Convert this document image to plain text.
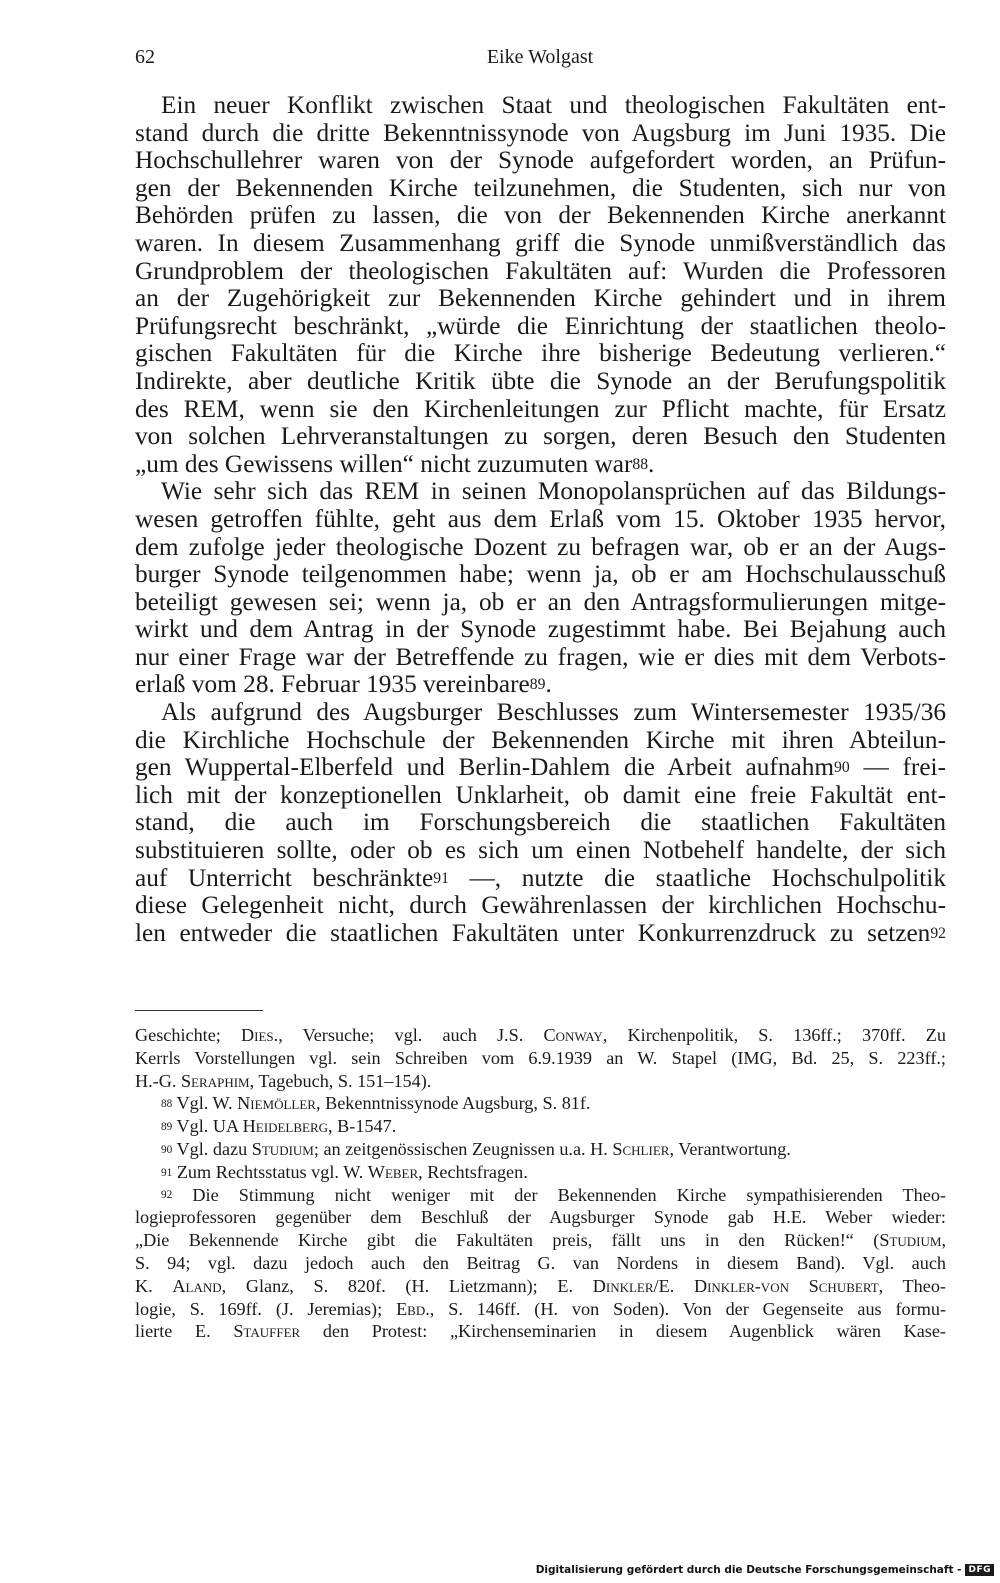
62	Eike Wolgast

Ein neuer Konflikt zwischen Staat und theologischen Fakultäten ent-
stand durch die dritte Bekenntnissynode von Augsburg im Juni 1935. Die
Hochschullehrer waren von der Synode aufgefordert worden, an Prüfun-
gen der Bekennenden Kirche teilzunehmen, die Studenten, sich nur von
Behörden prüfen zu lassen, die von der Bekennenden Kirche anerkannt
waren. In diesem Zusammenhang griff die Synode unmißverständlich das
Grundproblem der theologischen Fakultäten auf: Wurden die Professoren
an der Zugehörigkeit zur Bekennenden Kirche gehindert und in ihrem
Prüfungsrecht beschränkt, „würde die Einrichtung der staatlichen theolo-
gischen Fakultäten für die Kirche ihre bisherige Bedeutung verlieren.“
Indirekte, aber deutliche Kritik übte die Synode an der Berufungspolitik
des REM, wenn sie den Kirchenleitungen zur Pflicht machte, für Ersatz
von solchen Lehrveranstaltungen zu sorgen, deren Besuch den Studenten
„um des Gewissens willen“ nicht zuzumuten war$^{88}$.

Wie sehr sich das REM in seinen Monopolansprüchen auf das Bildungs-
wesen getroffen fühlte, geht aus dem Erlaß vom 15. Oktober 1935 hervor,
dem zufolge jeder theologische Dozent zu befragen war, ob er an der Augs-
burger Synode teilgenommen habe; wenn ja, ob er am Hochschulausschuß
beteiligt gewesen sei; wenn ja, ob er an den Antragsformulierungen mitge-
wirkt und dem Antrag in der Synode zugestimmt habe. Bei Bejahung auch
nur einer Frage war der Betreffende zu fragen, wie er dies mit dem Verbots-
erlaß vom 28. Februar 1935 vereinbare$^{89}$.

Als aufgrund des Augsburger Beschlusses zum Wintersemester 1935/36
die Kirchliche Hochschule der Bekennenden Kirche mit ihren Abteilun-
gen Wuppertal-Elberfeld und Berlin-Dahlem die Arbeit aufnahm$^{90}$ — frei-
lich mit der konzeptionellen Unklarheit, ob damit eine freie Fakultät ent-
stand, die auch im Forschungsbereich die staatlichen Fakultäten
substituieren sollte, oder ob es sich um einen Notbehelf handelte, der sich
auf Unterricht beschränkte$^{91}$ —, nutzte die staatliche Hochschulpolitik
diese Gelegenheit nicht, durch Gewährenlassen der kirchlichen Hochschu-
len entweder die staatlichen Fakultäten unter Konkurrenzdruck zu setzen$^{92}$

Geschichte; Dies., Versuche; vgl. auch J.S. Conway, Kirchenpolitik, S. 136ff.; 370ff. Zu
Kerrls Vorstellungen vgl. sein Schreiben vom 6.9.1939 an W. Stapel (IMG, Bd. 25, S. 223ff.;
H.-G. Seraphim, Tagebuch, S. 151–154).
$^{88}$ Vgl. W. Niemöller, Bekenntnissynode Augsburg, S. 81f.
$^{89}$ Vgl. UA Heidelberg, B-1547.
$^{90}$ Vgl. dazu Studium; an zeitgenössischen Zeugnissen u.a. H. Schlier, Verantwortung.
$^{91}$ Zum Rechtsstatus vgl. W. Weber, Rechtsfragen.
$^{92}$ Die Stimmung nicht weniger mit der Bekennenden Kirche sympathisierenden Theo-
logieprofessoren gegenüber dem Beschluß der Augsburger Synode gab H.E. Weber wieder:
„Die Bekennende Kirche gibt die Fakultäten preis, fällt uns in den Rücken!“ (Studium,
S. 94; vgl. dazu jedoch auch den Beitrag G. van Nordens in diesem Band). Vgl. auch
K. Aland, Glanz, S. 820f. (H. Lietzmann); E. Dinkler/E. Dinkler-von Schubert, Theo-
logie, S. 169ff. (J. Jeremias); Ebd., S. 146ff. (H. von Soden). Von der Gegenseite aus formu-
lierte E. Stauffer den Protest: „Kirchenseminarien in diesem Augenblick wären Kase-
Digitalisierung gefördert durch die Deutsche Forschungsgemeinschaft - DFG
